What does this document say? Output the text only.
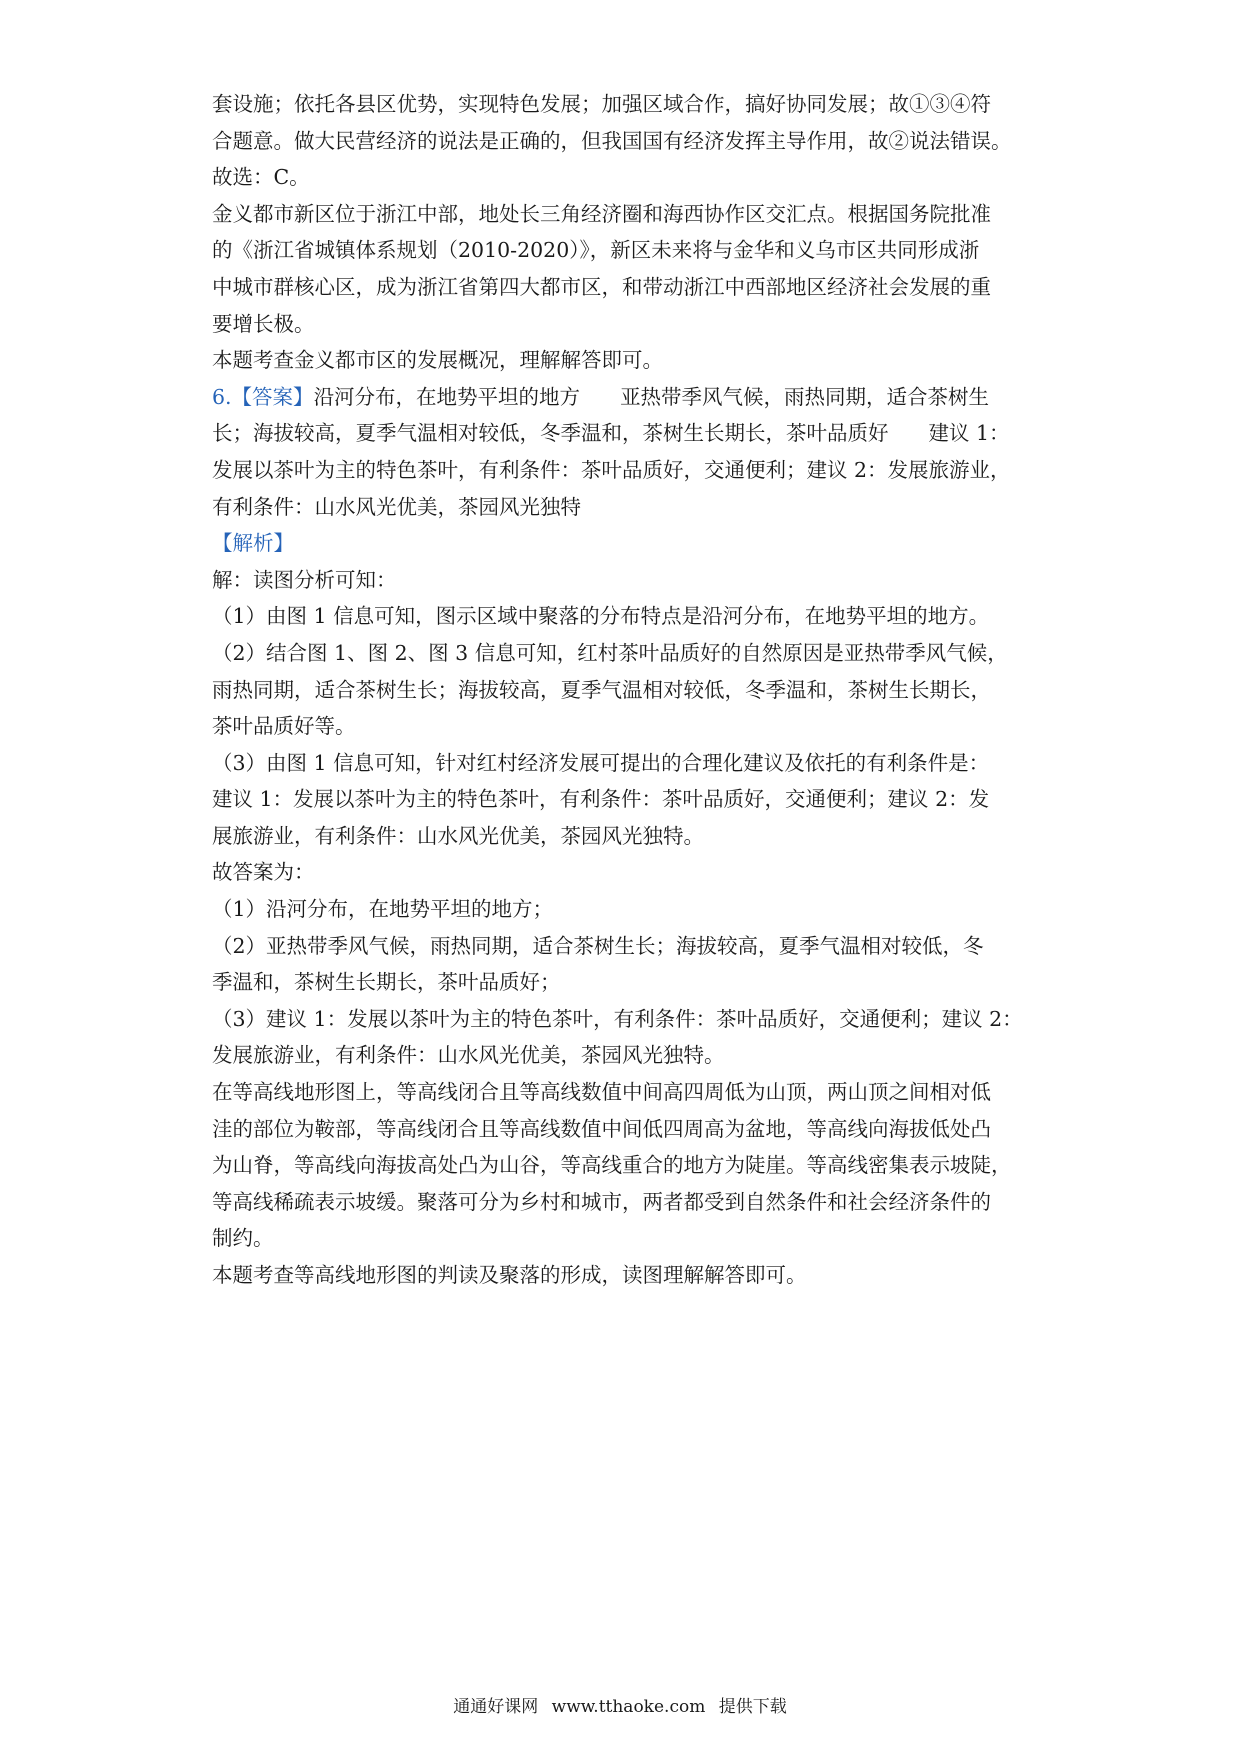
套设施；依托各县区优势，实现特色发展；加强区域合作，搞好协同发展；故①③④符
合题意。做大民营经济的说法是正确的，但我国国有经济发挥主导作用，故②说法错误。
故选：C。
金义都市新区位于浙江中部，地处长三角经济圈和海西协作区交汇点。根据国务院批准
的《浙江省城镇体系规划（2010-2020）》，新区未来将与金华和义乌市区共同形成浙
中城市群核心区，成为浙江省第四大都市区，和带动浙江中西部地区经济社会发展的重
要增长极。
本题考查金义都市区的发展概况，理解解答即可。
6.【答案】沿河分布，在地势平坦的地方 亚热带季风气候，雨热同期，适合茶树生
长；海拔较高，夏季气温相对较低，冬季温和，茶树生长期长，茶叶品质好 建议 1：
发展以茶叶为主的特色茶叶，有利条件：茶叶品质好，交通便利；建议 2：发展旅游业，
有利条件：山水风光优美，茶园风光独特
【解析】
解：读图分析可知：
（1）由图 1 信息可知，图示区域中聚落的分布特点是沿河分布，在地势平坦的地方。
（2）结合图 1、图 2、图 3 信息可知，红村茶叶品质好的自然原因是亚热带季风气候，
雨热同期，适合茶树生长；海拔较高，夏季气温相对较低，冬季温和，茶树生长期长，
茶叶品质好等。
（3）由图 1 信息可知，针对红村经济发展可提出的合理化建议及依托的有利条件是：
建议 1：发展以茶叶为主的特色茶叶，有利条件：茶叶品质好，交通便利；建议 2：发
展旅游业，有利条件：山水风光优美，茶园风光独特。
故答案为：
（1）沿河分布，在地势平坦的地方；
（2）亚热带季风气候，雨热同期，适合茶树生长；海拔较高，夏季气温相对较低，冬
季温和，茶树生长期长，茶叶品质好；
（3）建议 1：发展以茶叶为主的特色茶叶，有利条件：茶叶品质好，交通便利；建议 2：
发展旅游业，有利条件：山水风光优美，茶园风光独特。
在等高线地形图上，等高线闭合且等高线数值中间高四周低为山顶，两山顶之间相对低
洼的部位为鞍部，等高线闭合且等高线数值中间低四周高为盆地，等高线向海拔低处凸
为山脊，等高线向海拔高处凸为山谷，等高线重合的地方为陡崖。等高线密集表示坡陡，
等高线稀疏表示坡缓。聚落可分为乡村和城市，两者都受到自然条件和社会经济条件的
制约。
本题考查等高线地形图的判读及聚落的形成，读图理解解答即可。
通通好课网 www.tthaoke.com 提供下载
